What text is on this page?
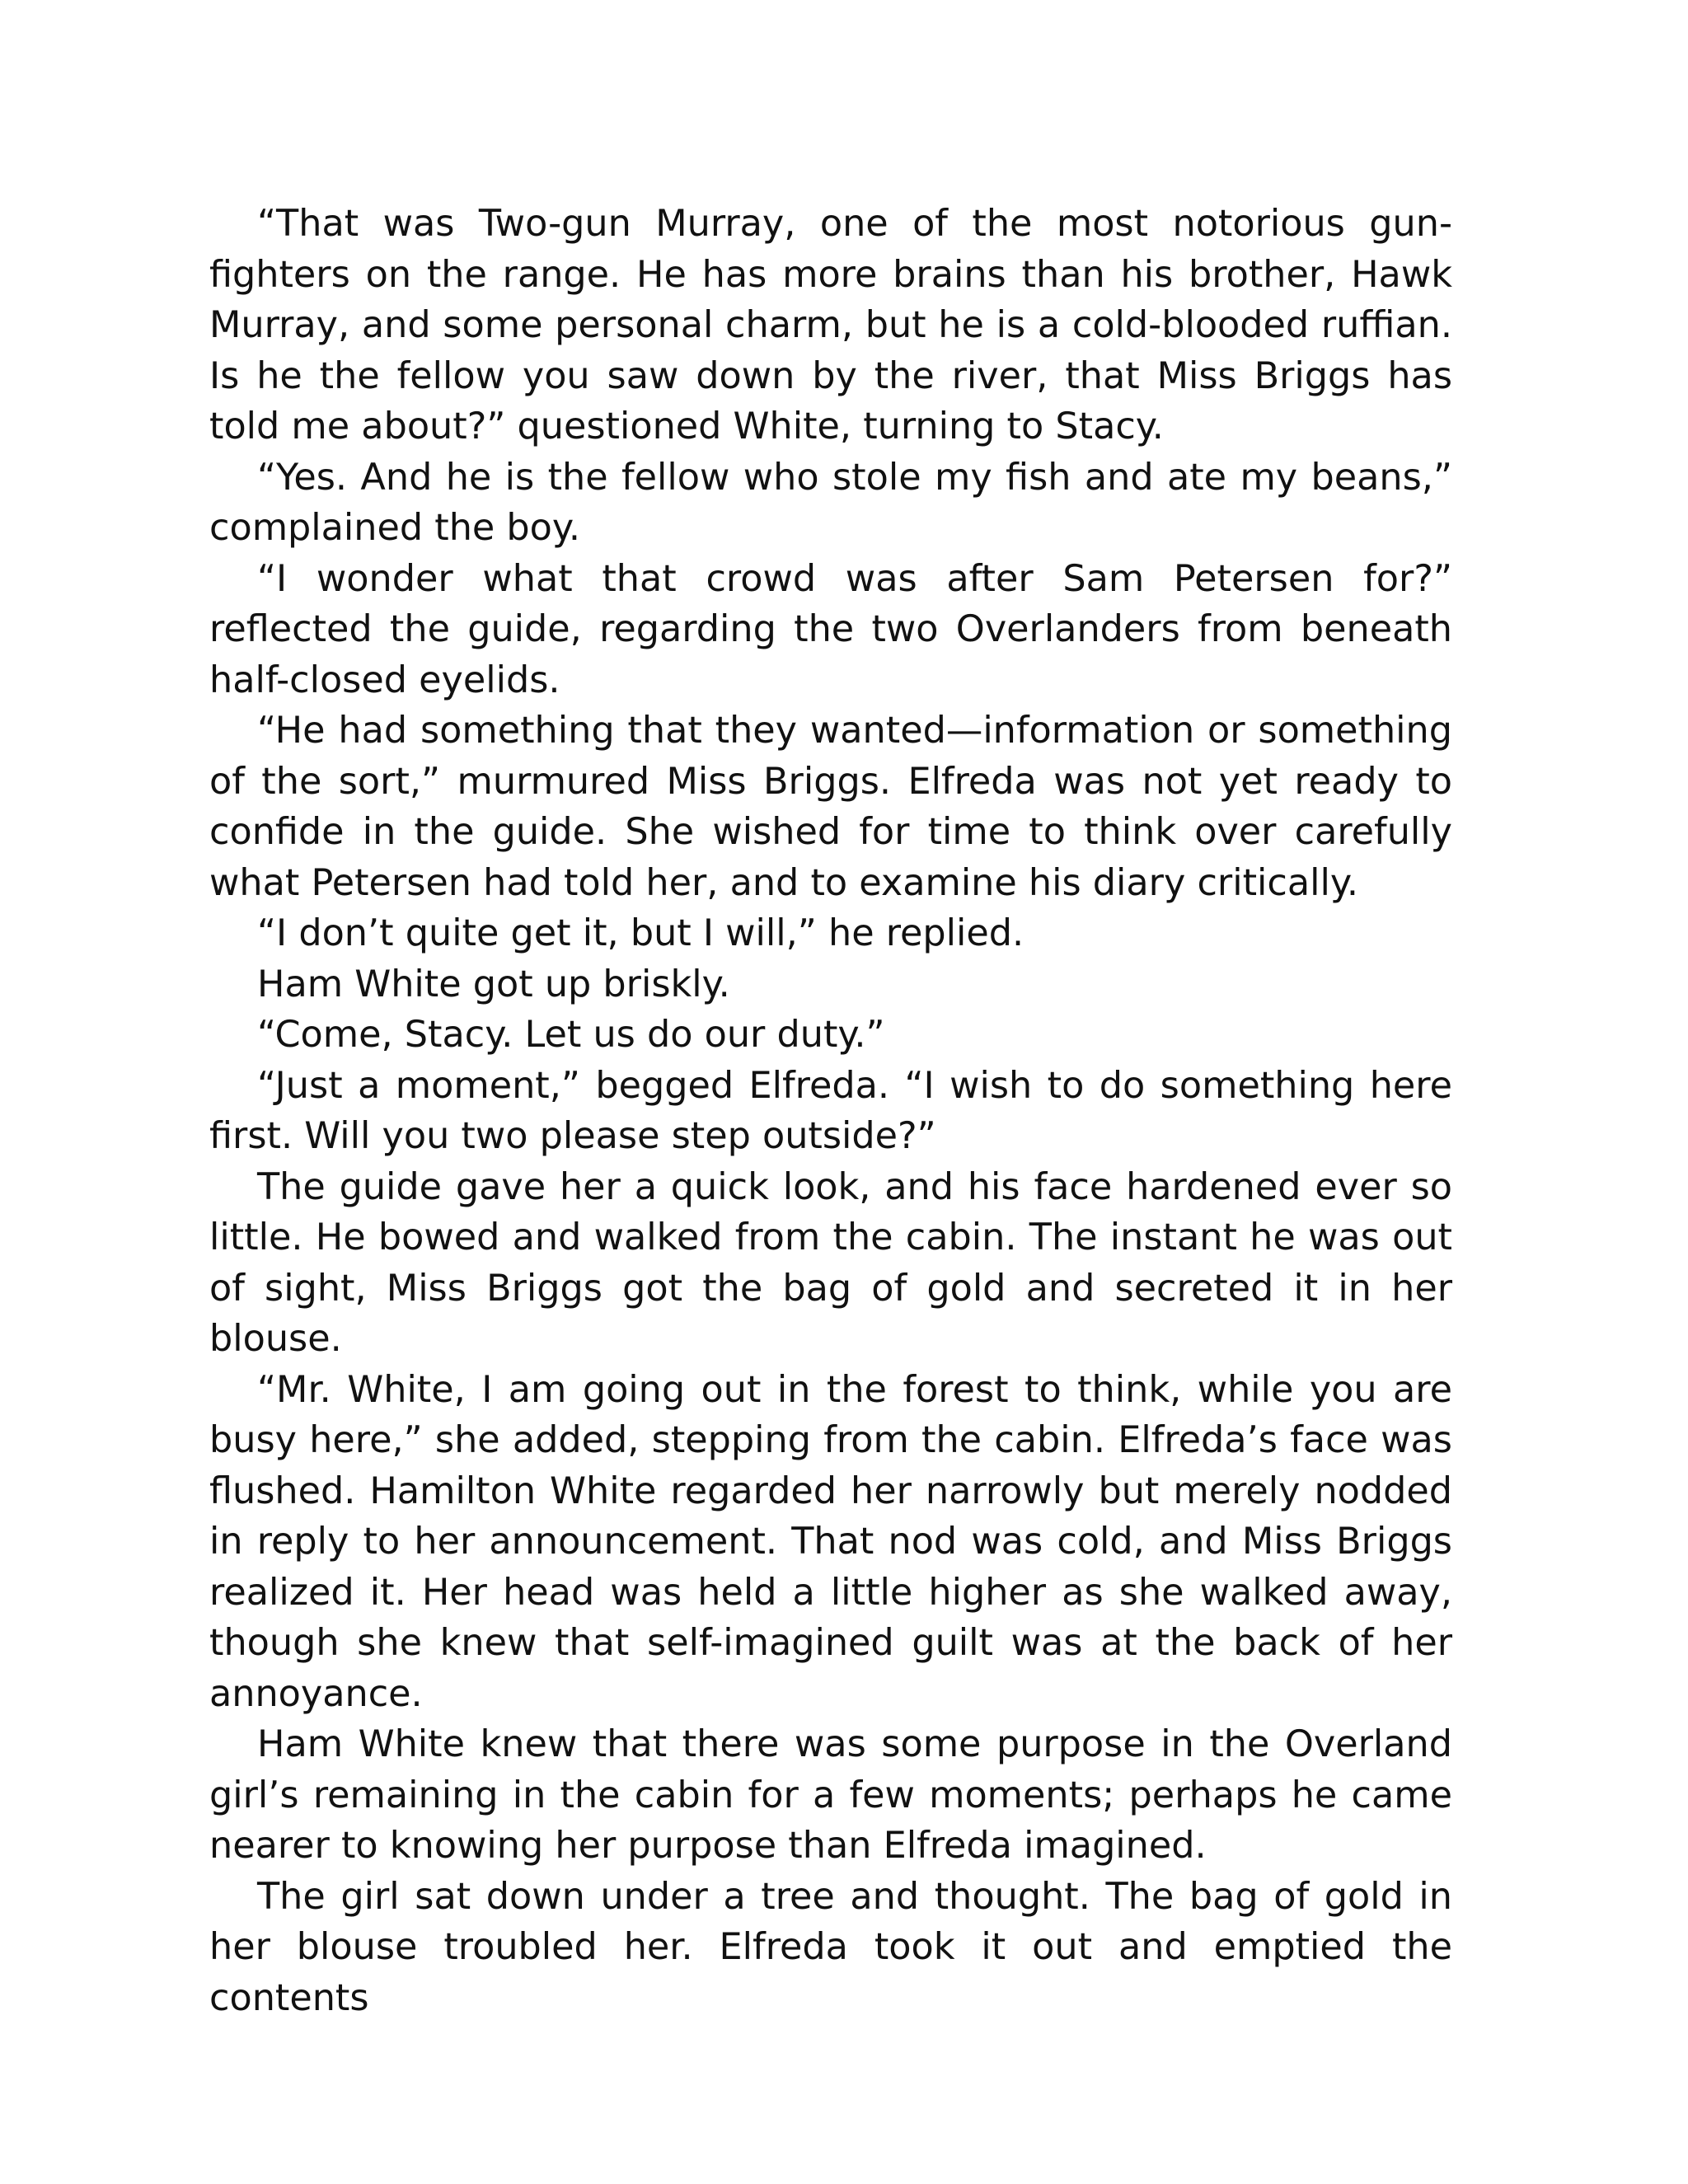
“That was Two-gun Murray, one of the most notorious gun-fighters on the range. He has more brains than his brother, Hawk Murray, and some personal charm, but he is a cold-blooded ruffian. Is he the fellow you saw down by the river, that Miss Briggs has told me about?” questioned White, turning to Stacy.

“Yes. And he is the fellow who stole my fish and ate my beans,” complained the boy.

“I wonder what that crowd was after Sam Petersen for?” reflected the guide, regarding the two Overlanders from beneath half-closed eyelids.

“He had something that they wanted—information or something of the sort,” murmured Miss Briggs. Elfreda was not yet ready to confide in the guide. She wished for time to think over carefully what Petersen had told her, and to examine his diary critically.

“I don’t quite get it, but I will,” he replied.

Ham White got up briskly.

“Come, Stacy. Let us do our duty.”

“Just a moment,” begged Elfreda. “I wish to do something here first. Will you two please step outside?”

The guide gave her a quick look, and his face hardened ever so little. He bowed and walked from the cabin. The instant he was out of sight, Miss Briggs got the bag of gold and secreted it in her blouse.

“Mr. White, I am going out in the forest to think, while you are busy here,” she added, stepping from the cabin. Elfreda’s face was flushed. Hamilton White regarded her narrowly but merely nodded in reply to her announcement. That nod was cold, and Miss Briggs realized it. Her head was held a little higher as she walked away, though she knew that self-imagined guilt was at the back of her annoyance.

Ham White knew that there was some purpose in the Overland girl’s remaining in the cabin for a few moments; perhaps he came nearer to knowing her purpose than Elfreda imagined.

The girl sat down under a tree and thought. The bag of gold in her blouse troubled her. Elfreda took it out and emptied the contents
